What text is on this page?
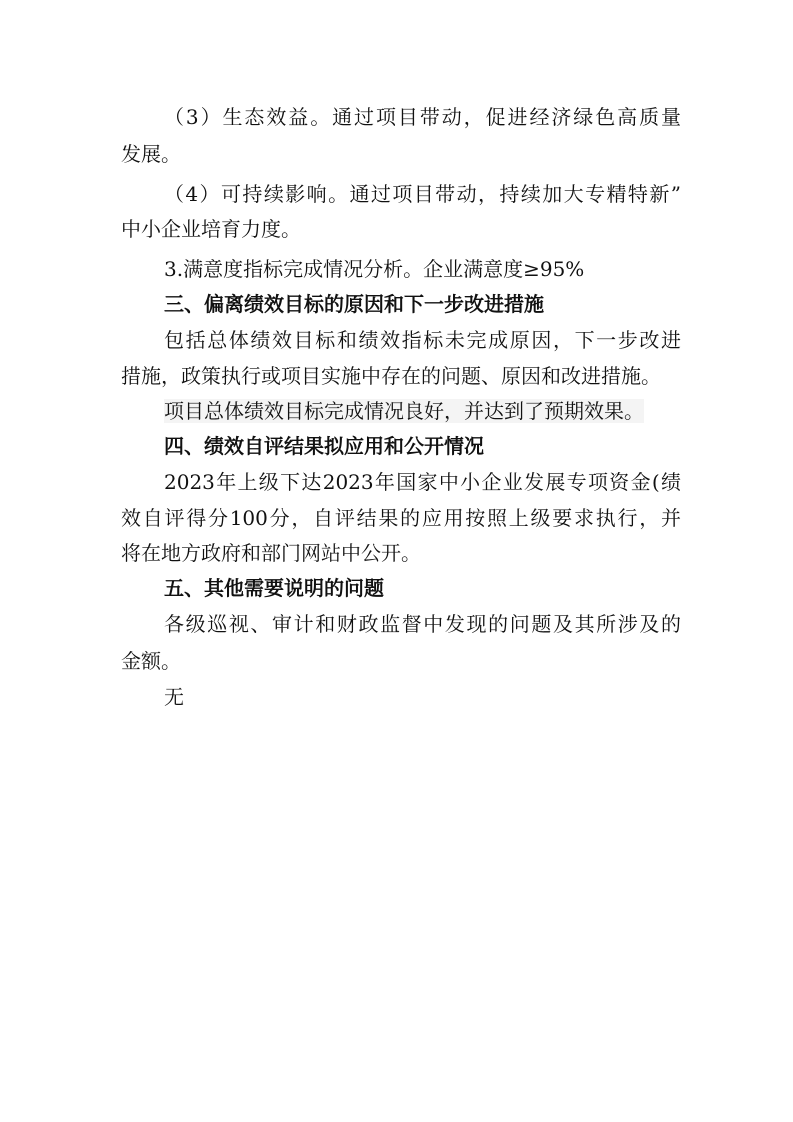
（3）生态效益。通过项目带动，促进经济绿色高质量
发展。
（4）可持续影响。通过项目带动，持续加大专精特新”
中小企业培育力度。
3.满意度指标完成情况分析。企业满意度≥95%
三、偏离绩效目标的原因和下一步改进措施
包括总体绩效目标和绩效指标未完成原因，下一步改进
措施，政策执行或项目实施中存在的问题、原因和改进措施。
项目总体绩效目标完成情况良好，并达到了预期效果。
四、绩效自评结果拟应用和公开情况
2023年上级下达2023年国家中小企业发展专项资金(绩
效自评得分100分，自评结果的应用按照上级要求执行，并
将在地方政府和部门网站中公开。
五、其他需要说明的问题
各级巡视、审计和财政监督中发现的问题及其所涉及的
金额。
无
